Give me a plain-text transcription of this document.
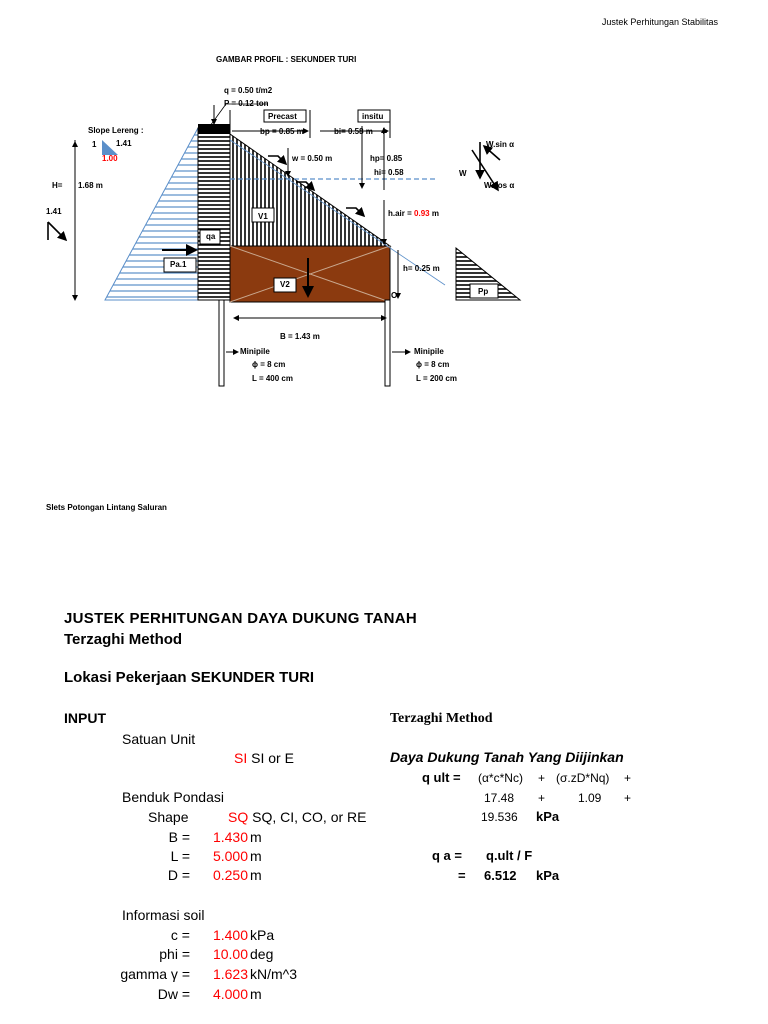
Justek Perhitungan Stabilitas
GAMBAR PROFIL : SEKUNDER TURI
q = 0.50 t/m2
P = 0.12 ton
Precast	insitu
bp = 0.85 m	bi= 0.58 m
Slope Lereng :
1 1.41
1.00
H= 1.68 m
1.41
w = 0.50 m	hp= 0.85
hi= 0.58
W.sin α
W
W.cos α
h.air = 0.93 m
V1
qa
Pa.1	h= 0.25 m
V2
O	Pp
B = 1.43 m
Minipile
ϕ = 8 cm
L = 400 cm
Minipile
ϕ = 8 cm
L = 200 cm
Slets Potongan Lintang Saluran
JUSTEK PERHITUNGAN DAYA DUKUNG TANAH
Terzaghi Method
Lokasi Pekerjaan SEKUNDER TURI
INPUT
Satuan Unit
SI SI or E
Benduk Pondasi
Shape	SQ SQ, CI, CO, or RE
B =	1.430 m
L =	5.000 m
D =	0.250 m
Informasi soil
c =	1.400 kPa
phi =	10.00 deg
gamma γ =	1.623 kN/m^3
Dw =	4.000 m
Terzaghi Method
Daya Dukung Tanah Yang Diijinkan
q ult = (α*c*Nc) + (σ.zD*Nq) +
17.48 +	1.09 +
19.536 kPa
q a = q.ult / F
= 6.512 kPa
